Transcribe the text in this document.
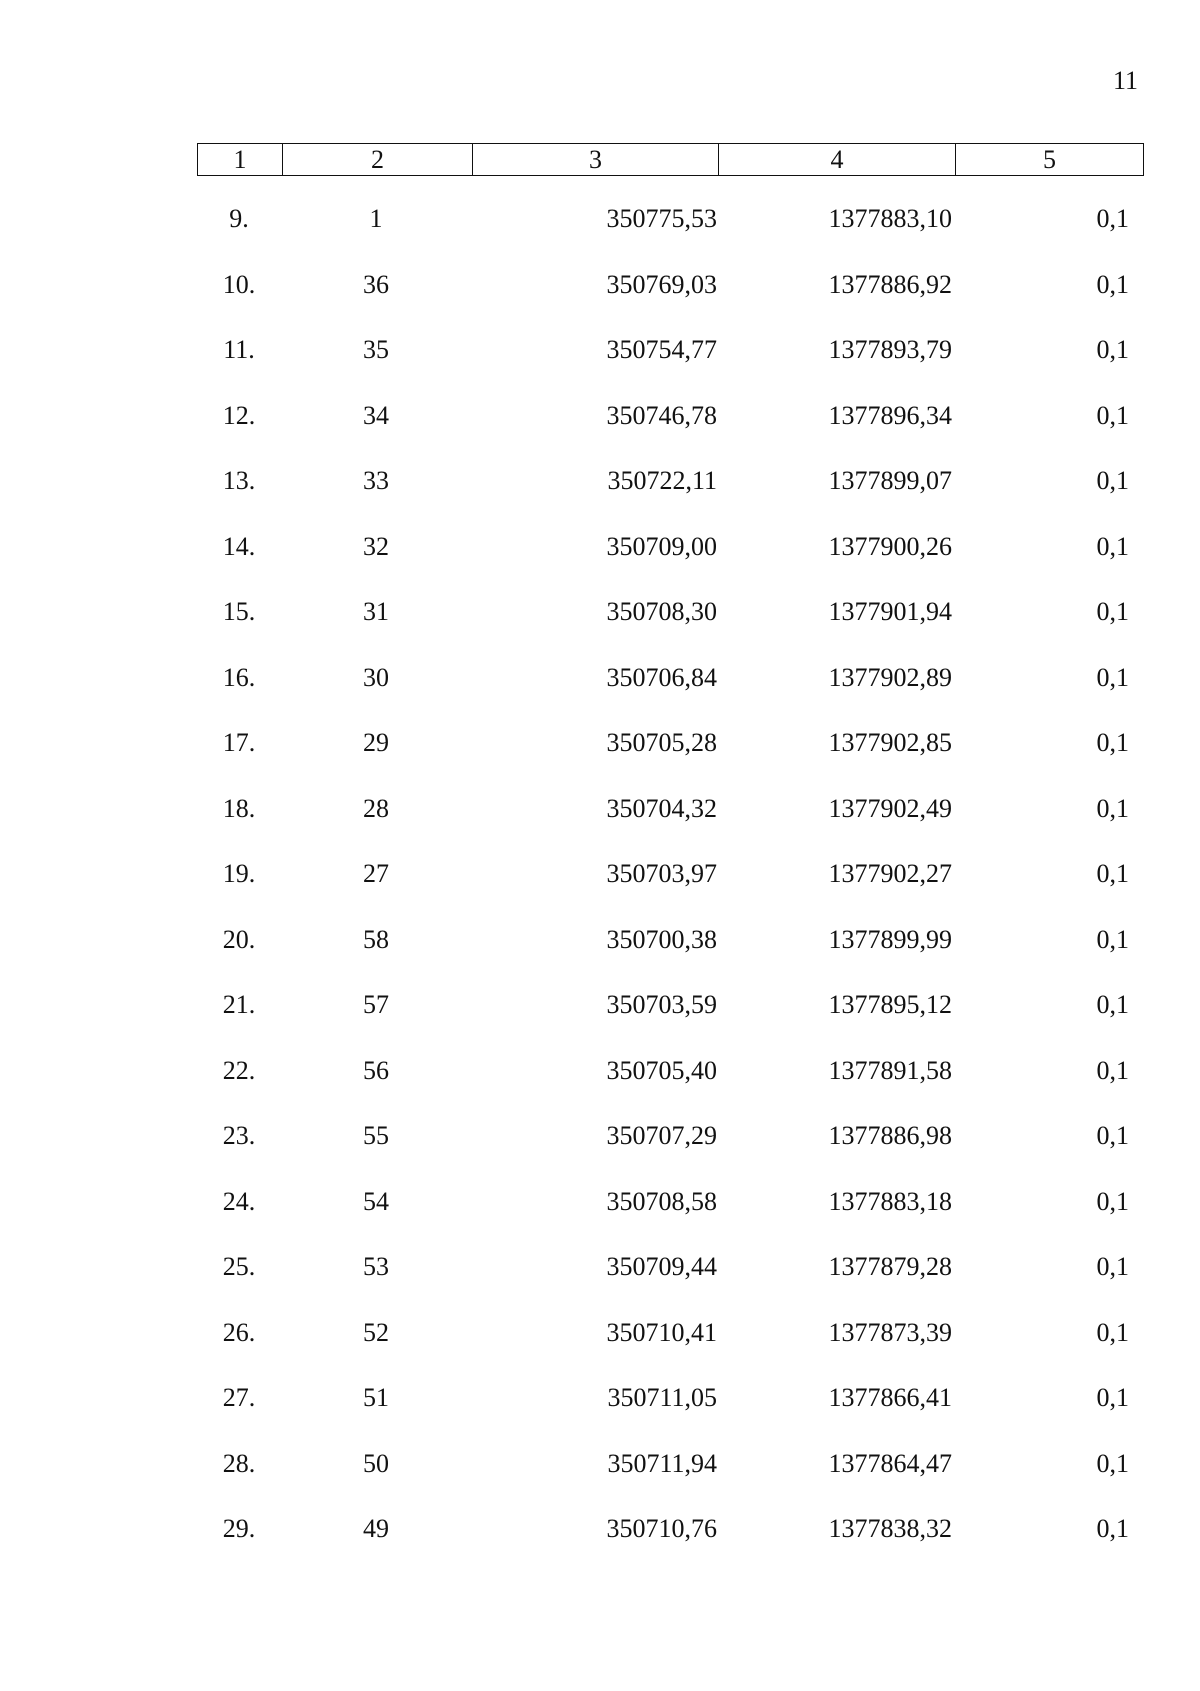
11
1	2	3	4	5
9.	1	350775,53	1377883,10	0,1
10.	36	350769,03	1377886,92	0,1
11.	35	350754,77	1377893,79	0,1
12.	34	350746,78	1377896,34	0,1
13.	33	350722,11	1377899,07	0,1
14.	32	350709,00	1377900,26	0,1
15.	31	350708,30	1377901,94	0,1
16.	30	350706,84	1377902,89	0,1
17.	29	350705,28	1377902,85	0,1
18.	28	350704,32	1377902,49	0,1
19.	27	350703,97	1377902,27	0,1
20.	58	350700,38	1377899,99	0,1
21.	57	350703,59	1377895,12	0,1
22.	56	350705,40	1377891,58	0,1
23.	55	350707,29	1377886,98	0,1
24.	54	350708,58	1377883,18	0,1
25.	53	350709,44	1377879,28	0,1
26.	52	350710,41	1377873,39	0,1
27.	51	350711,05	1377866,41	0,1
28.	50	350711,94	1377864,47	0,1
29.	49	350710,76	1377838,32	0,1
